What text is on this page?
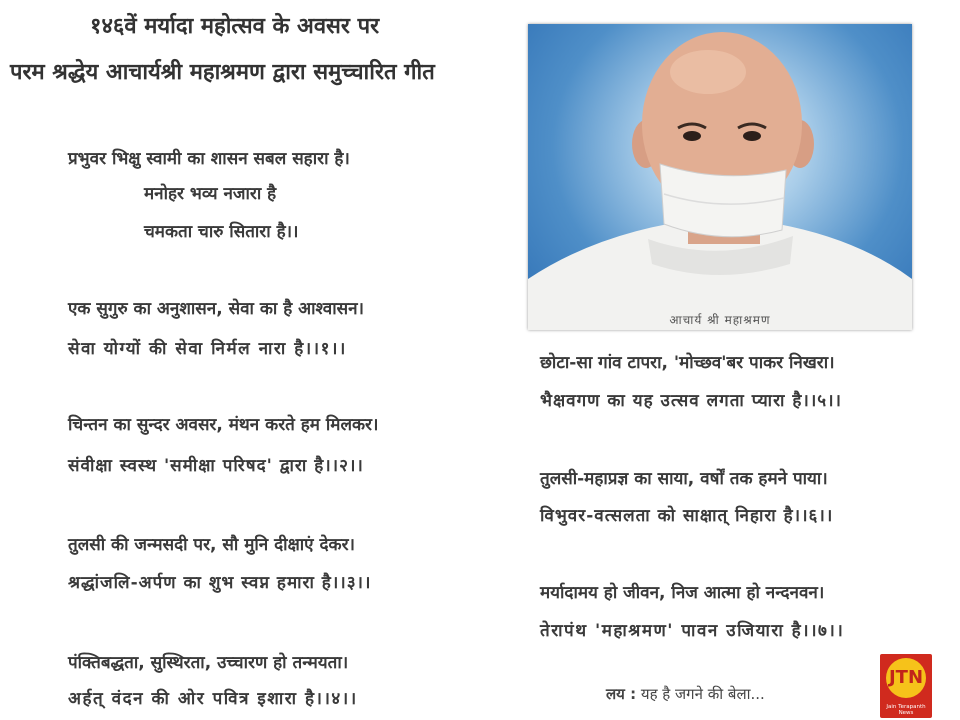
१४६वें मर्यादा महोत्सव के अवसर पर
परम श्रद्धेय आचार्यश्री महाश्रमण द्वारा समुच्चारित गीत
प्रभुवर भिक्षु स्वामी का शासन सबल सहारा है।
मनोहर भव्य नजारा है
चमकता चारु सितारा है।।
एक सुगुरु का अनुशासन, सेवा का है आश्वासन।
सेवा योग्यों की सेवा निर्मल नारा है।।१।।
चिन्तन का सुन्दर अवसर, मंथन करते हम मिलकर।
संवीक्षा स्वस्थ 'समीक्षा परिषद' द्वारा है।।२।।
तुलसी की जन्मसदी पर, सौ मुनि दीक्षाएं देकर।
श्रद्धांजलि-अर्पण का शुभ स्वप्न हमारा है।।३।।
पंक्तिबद्धता, सुस्थिरता, उच्चारण हो तन्मयता।
अर्हत् वंदन की ओर पवित्र इशारा है।।४।।
आचार्य श्री महाश्रमण
छोटा-सा गांव टापरा, 'मोच्छव'बर पाकर निखरा।
भैक्षवगण का यह उत्सव लगता प्यारा है।।५।।
तुलसी-महाप्रज्ञ का साया, वर्षों तक हमने पाया।
विभुवर-वत्सलता को साक्षात् निहारा है।।६।।
मर्यादामय हो जीवन, निज आत्मा हो नन्दनवन।
तेरापंथ 'महाश्रमण' पावन उजियारा है।।७।।
लय : यह है जगने की बेला...
JTN
Jain Terapanth News
